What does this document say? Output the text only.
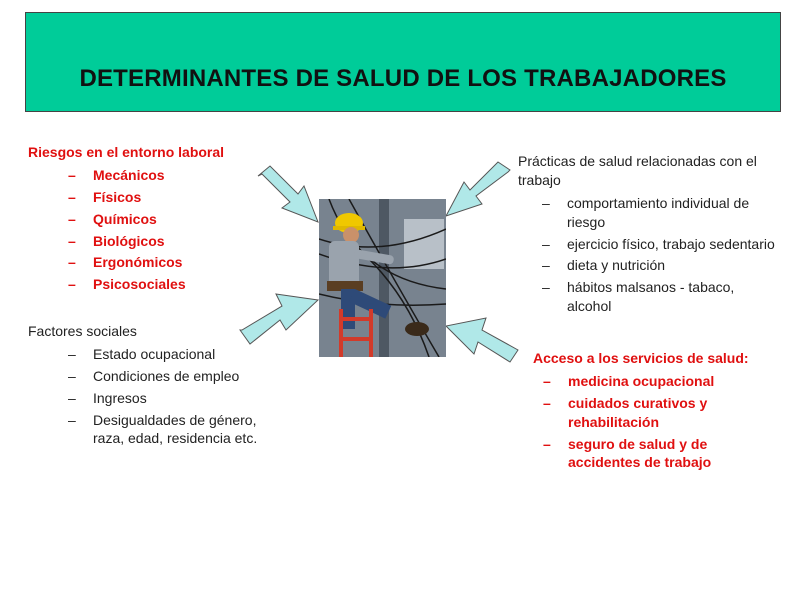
DETERMINANTES DE SALUD DE LOS TRABAJADORES
Riesgos en el entorno laboral
– Mecánicos
– Físicos
– Químicos
– Biológicos
– Ergonómicos
– Psicosociales
Factores sociales
– Estado ocupacional
– Condiciones de empleo
– Ingresos
– Desigualdades de género, raza, edad, residencia etc.
Prácticas de salud relacionadas con el trabajo
– comportamiento individual de riesgo
– ejercicio físico, trabajo sedentario
– dieta y nutrición
– hábitos malsanos - tabaco, alcohol
Acceso a los servicios de salud:
– medicina ocupacional
– cuidados curativos y rehabilitación
– seguro de salud y de accidentes de trabajo
